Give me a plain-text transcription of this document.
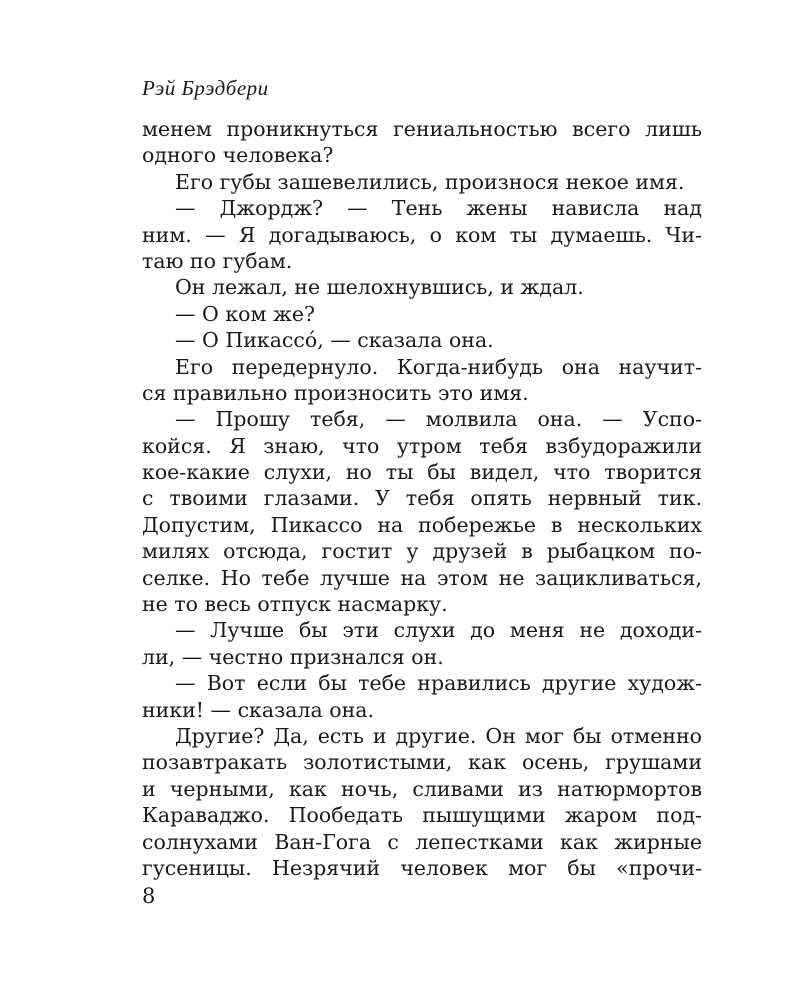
Рэй Брэдбери
менем проникнуться гениальностью всего лишь
одного человека?
Его губы зашевелились, произнося некое имя.
— Джордж? — Тень жены нависла над
ним. — Я догадываюсь, о ком ты думаешь. Чи-
таю по губам.
Он лежал, не шелохнувшись, и ждал.
— О ком же?
— О Пикассó, — сказала она.
Его передернуло. Когда-нибудь она научит-
ся правильно произносить это имя.
— Прошу тебя, — молвила она. — Успо-
койся. Я знаю, что утром тебя взбудоражили
кое-какие слухи, но ты бы видел, что творится
с твоими глазами. У тебя опять нервный тик.
Допустим, Пикассо на побережье в нескольких
милях отсюда, гостит у друзей в рыбацком по-
селке. Но тебе лучше на этом не зацикливаться,
не то весь отпуск насмарку.
— Лучше бы эти слухи до меня не доходи-
ли, — честно признался он.
— Вот если бы тебе нравились другие худож-
ники! — сказала она.
Другие? Да, есть и другие. Он мог бы отменно
позавтракать золотистыми, как осень, грушами
и черными, как ночь, сливами из натюрмортов
Караваджо. Пообедать пышущими жаром под-
солнухами Ван-Гога с лепестками как жирные
гусеницы. Незрячий человек мог бы «прочи-
8
